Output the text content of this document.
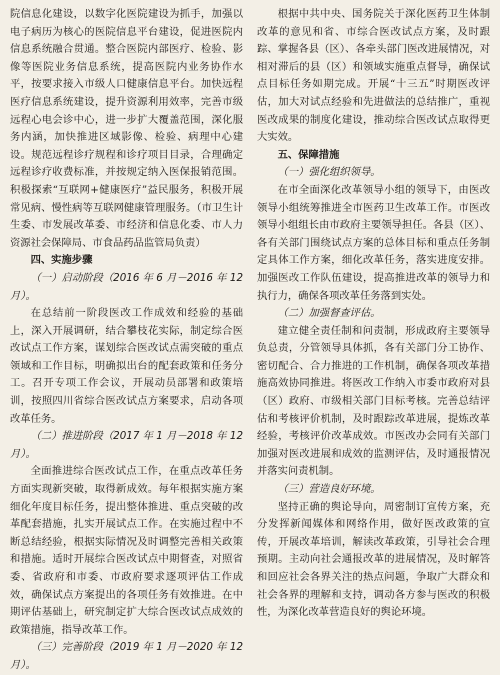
院信息化建设，以数字化医院建设为抓手，加强以电子病历为核心的医院信息平台建设，促进医院内信息系统融合贯通。整合医院内部医疗、检验、影像等医院业务信息系统，提高医院内业务协作水平，按要求接入市级人口健康信息平台。加快远程医疗信息系统建设，提升资源利用效率，完善市级远程心电会诊中心，进一步扩大覆盖范围，深化服务内涵，加快推进区域影像、检验、病理中心建设。规范远程诊疗规程和诊疗项目目录，合理确定远程诊疗收费标准，并按规定纳入医保报销范围。积极探索“互联网+健康医疗”益民服务，积极开展常见病、慢性病等互联网健康管理服务。（市卫生计生委、市发展改革委、市经济和信息化委、市人力资源社会保障局、市食品药品监管局负责）

四、实施步骤
（一）启动阶段（2016 年 6 月－2016 年 12 月）。

在总结前一阶段医改工作成效和经验的基础上，深入开展调研，结合攀枝花实际，制定综合医改试点工作方案，谋划综合医改试点需突破的重点领域和工作目标，明确拟出台的配套政策和任务分工。召开专项工作会议，开展动员部署和政策培训，按照四川省综合医改试点方案要求，启动各项改革任务。

（二）推进阶段（2017 年 1 月－2018 年 12 月）。

全面推进综合医改试点工作，在重点改革任务方面实现新突破，取得新成效。每年根据实施方案细化年度目标任务，提出整体推进、重点突破的改革配套措施，扎实开展试点工作。在实施过程中不断总结经验，根据实际情况及时调整完善相关政策和措施。适时开展综合医改试点中期督查，对照省委、省政府和市委、市政府要求逐项评估工作成效，确保试点方案提出的各项任务有效推进。在中期评估基础上，研究制定扩大综合医改试点成效的政策措施，指导改革工作。

（三）完善阶段（2019 年 1 月－2020 年 12 月）。

根据中共中央、国务院关于深化医药卫生体制改革的意见和省、市综合医改试点方案，及时跟踪、掌握各县（区）、各牵头部门医改进展情况，对相对滞后的县（区）和领域实施重点督导，确保试点目标任务如期完成。开展“十三五”时期医改评估，加大对试点经验和先进做法的总结推广，重视医改成果的制度化建设，推动综合医改试点取得更大实效。

五、保障措施
（一）强化组织领导。

在市全面深化改革领导小组的领导下，由医改领导小组统筹推进全市医药卫生改革工作。市医改领导小组组长由市政府主要领导担任。各县（区）、各有关部门围绕试点方案的总体目标和重点任务制定具体工作方案，细化改革任务，落实进度安排。加强医改工作队伍建设，提高推进改革的领导力和执行力，确保各项改革任务落到实处。

（二）加强督查评估。

建立健全责任制和问责制，形成政府主要领导负总责，分管领导具体抓，各有关部门分工协作、密切配合、合力推进的工作机制，确保各项改革措施高效协同推进。将医改工作纳入市委市政府对县（区）政府、市级相关部门目标考核。完善总结评估和考核评价机制，及时跟踪改革进展，提炼改革经验，考核评价改革成效。市医改办会同有关部门加强对医改进展和成效的监测评估，及时通报情况并落实问责机制。

（三）营造良好环境。

坚持正确的舆论导向，周密制订宣传方案，充分发挥新闻媒体和网络作用，做好医改政策的宣传，开展改革培训，解读改革政策，引导社会合理预期。主动向社会通报改革的进展情况，及时解答和回应社会各界关注的热点问题，争取广大群众和社会各界的理解和支持，调动各方参与医改的积极性，为深化改革营造良好的舆论环境。
